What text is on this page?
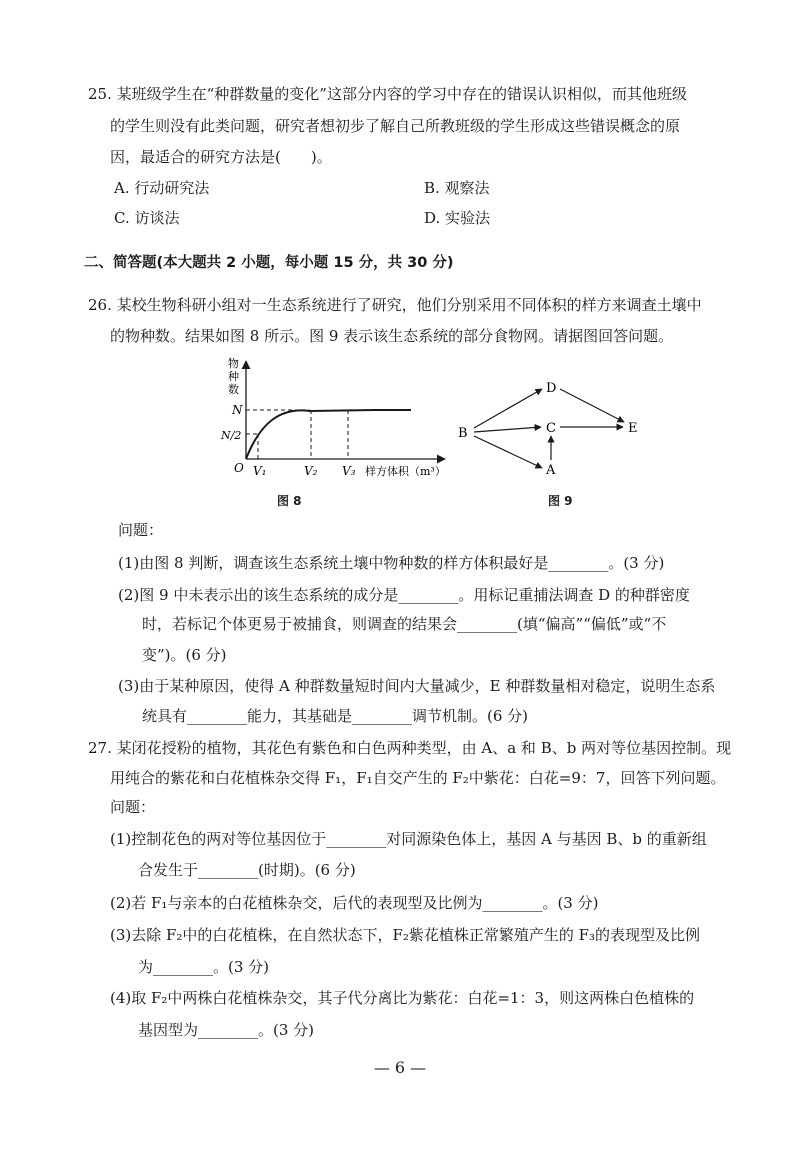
25. 某班级学生在“种群数量的变化”这部分内容的学习中存在的错误认识相似，而其他班级
的学生则没有此类问题，研究者想初步了解自己所教班级的学生形成这些错误概念的原
因，最适合的研究方法是(　　)。
A. 行动研究法	B. 观察法
C. 访谈法	D. 实验法
二、简答题(本大题共 2 小题，每小题 15 分，共 30 分)
26. 某校生物科研小组对一生态系统进行了研究，他们分别采用不同体积的样方来调查土壤中
的物种数。结果如图 8 所示。图 9 表示该生态系统的部分食物网。请据图回答问题。
物
种
数
N
N/2
O V₁	V₂ V₃ 样方体积（m³）
图 8
D
B	C	E
A
图 9
问题：
(1)由图 8 判断，调查该生态系统土壤中物种数的样方体积最好是________。(3 分)
(2)图 9 中未表示出的该生态系统的成分是________。用标记重捕法调查 D 的种群密度
时，若标记个体更易于被捕食，则调查的结果会________(填“偏高”“偏低”或“不
变”)。(6 分)
(3)由于某种原因，使得 A 种群数量短时间内大量减少，E 种群数量相对稳定，说明生态系
统具有________能力，其基础是________调节机制。(6 分)
27. 某闭花授粉的植物，其花色有紫色和白色两种类型，由 A、a 和 B、b 两对等位基因控制。现
用纯合的紫花和白花植株杂交得 F₁，F₁自交产生的 F₂中紫花：白花=9：7，回答下列问题。
问题：
(1)控制花色的两对等位基因位于________对同源染色体上，基因 A 与基因 B、b 的重新组
合发生于________(时期)。(6 分)
(2)若 F₁与亲本的白花植株杂交，后代的表现型及比例为________。(3 分)
(3)去除 F₂中的白花植株，在自然状态下，F₂紫花植株正常繁殖产生的 F₃的表现型及比例
为________。(3 分)
(4)取 F₂中两株白花植株杂交，其子代分离比为紫花：白花=1：3，则这两株白色植株的
基因型为________。(3 分)
— 6 —
